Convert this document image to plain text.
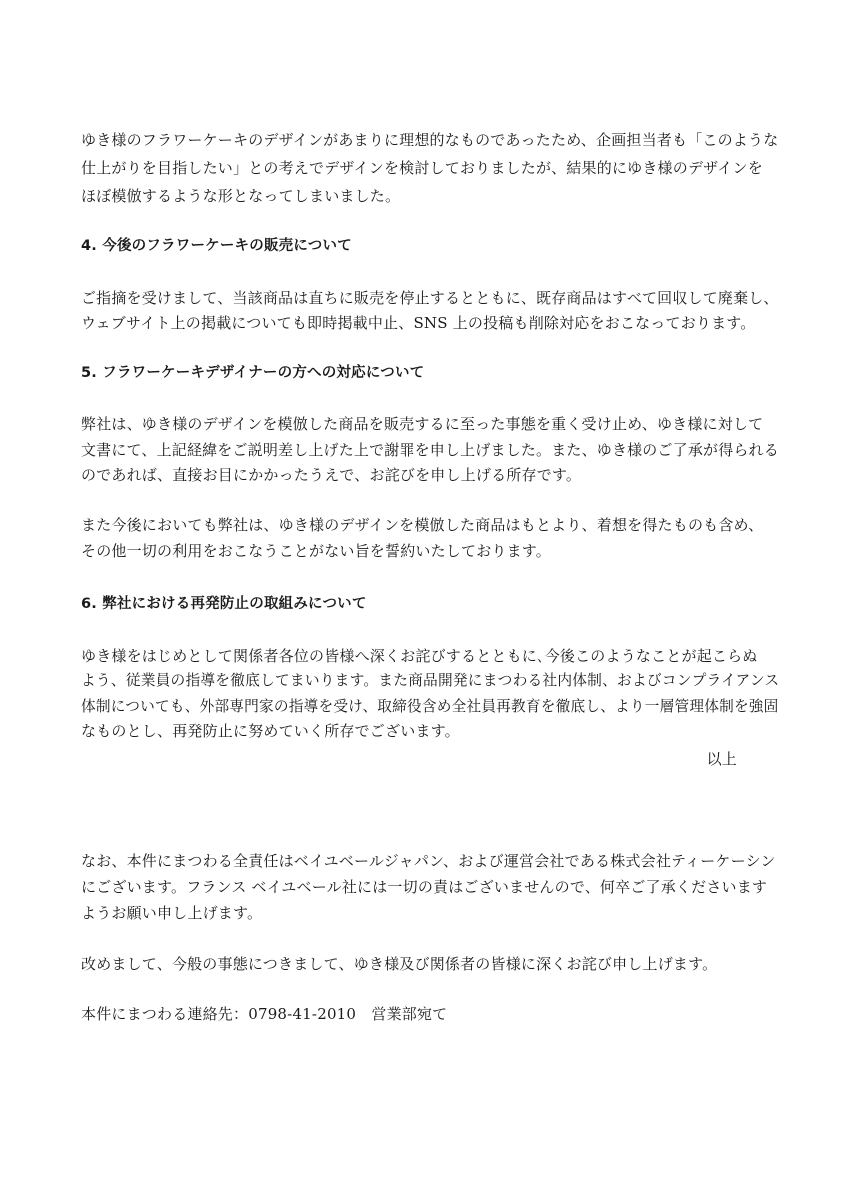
ゆき様のフラワーケーキのデザインがあまりに理想的なものであったため、企画担当者も「このような
仕上がりを目指したい」との考えでデザインを検討しておりましたが、結果的にゆき様のデザインを
ほぼ模倣するような形となってしまいました。
4. 今後のフラワーケーキの販売について
ご指摘を受けまして、当該商品は直ちに販売を停止するとともに、既存商品はすべて回収して廃棄し、
ウェブサイト上の掲載についても即時掲載中止、SNS 上の投稿も削除対応をおこなっております。
5. フラワーケーキデザイナーの方への対応について
弊社は、ゆき様のデザインを模倣した商品を販売するに至った事態を重く受け止め、ゆき様に対して
文書にて、上記経緯をご説明差し上げた上で謝罪を申し上げました。また、ゆき様のご了承が得られる
のであれば、直接お目にかかったうえで、お詫びを申し上げる所存です。
また今後においても弊社は、ゆき様のデザインを模倣した商品はもとより、着想を得たものも含め、
その他一切の利用をおこなうことがない旨を誓約いたしております。
6. 弊社における再発防止の取組みについて
ゆき様をはじめとして関係者各位の皆様へ深くお詫びするとともに､今後このようなことが起こらぬ
よう、従業員の指導を徹底してまいります。また商品開発にまつわる社内体制、およびコンプライアンス
体制についても、外部専門家の指導を受け、取締役含め全社員再教育を徹底し、より一層管理体制を強固
なものとし、再発防止に努めていく所存でございます。
以上
なお、本件にまつわる全責任はベイユベールジャパン、および運営会社である株式会社ティーケーシン
にございます。フランス ベイユベール社には一切の責はございませんので、何卒ご了承くださいます
ようお願い申し上げます。
改めまして、今般の事態につきまして、ゆき様及び関係者の皆様に深くお詫び申し上げます。
本件にまつわる連絡先：0798-41-2010　営業部宛て
